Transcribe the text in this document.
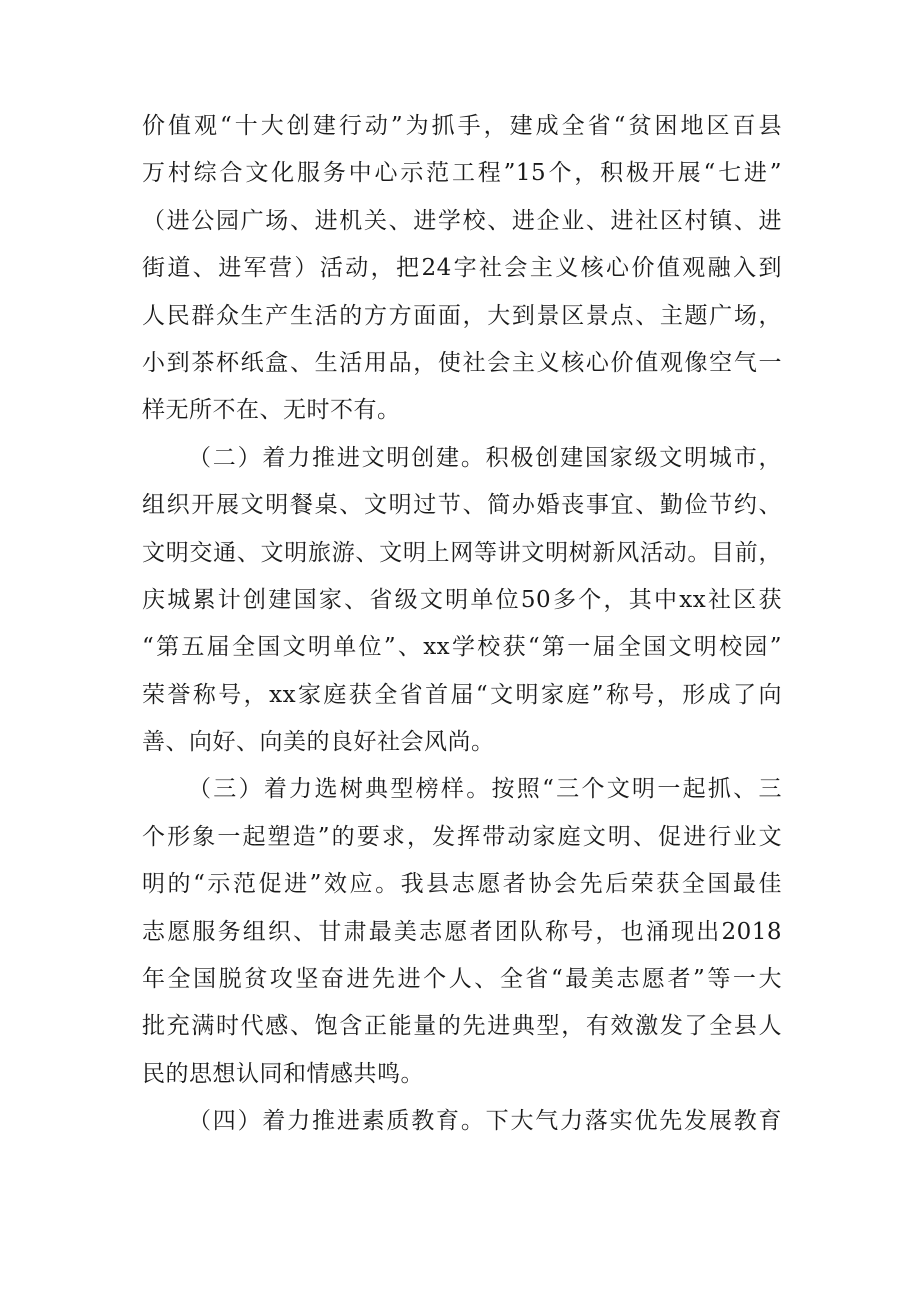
价值观“十大创建行动”为抓手，建成全省“贫困地区百县
万村综合文化服务中心示范工程”15个，积极开展“七进”
（进公园广场、进机关、进学校、进企业、进社区村镇、进
街道、进军营）活动，把24字社会主义核心价值观融入到
人民群众生产生活的方方面面，大到景区景点、主题广场，
小到茶杯纸盒、生活用品，使社会主义核心价值观像空气一
样无所不在、无时不有。
（二）着力推进文明创建。积极创建国家级文明城市，
组织开展文明餐桌、文明过节、简办婚丧事宜、勤俭节约、
文明交通、文明旅游、文明上网等讲文明树新风活动。目前，
庆城累计创建国家、省级文明单位50多个，其中xx社区获
“第五届全国文明单位”、xx学校获“第一届全国文明校园”
荣誉称号，xx家庭获全省首届“文明家庭”称号，形成了向
善、向好、向美的良好社会风尚。
（三）着力选树典型榜样。按照“三个文明一起抓、三
个形象一起塑造”的要求，发挥带动家庭文明、促进行业文
明的“示范促进”效应。我县志愿者协会先后荣获全国最佳
志愿服务组织、甘肃最美志愿者团队称号，也涌现出2018
年全国脱贫攻坚奋进先进个人、全省“最美志愿者”等一大
批充满时代感、饱含正能量的先进典型，有效激发了全县人
民的思想认同和情感共鸣。
（四）着力推进素质教育。下大气力落实优先发展教育
